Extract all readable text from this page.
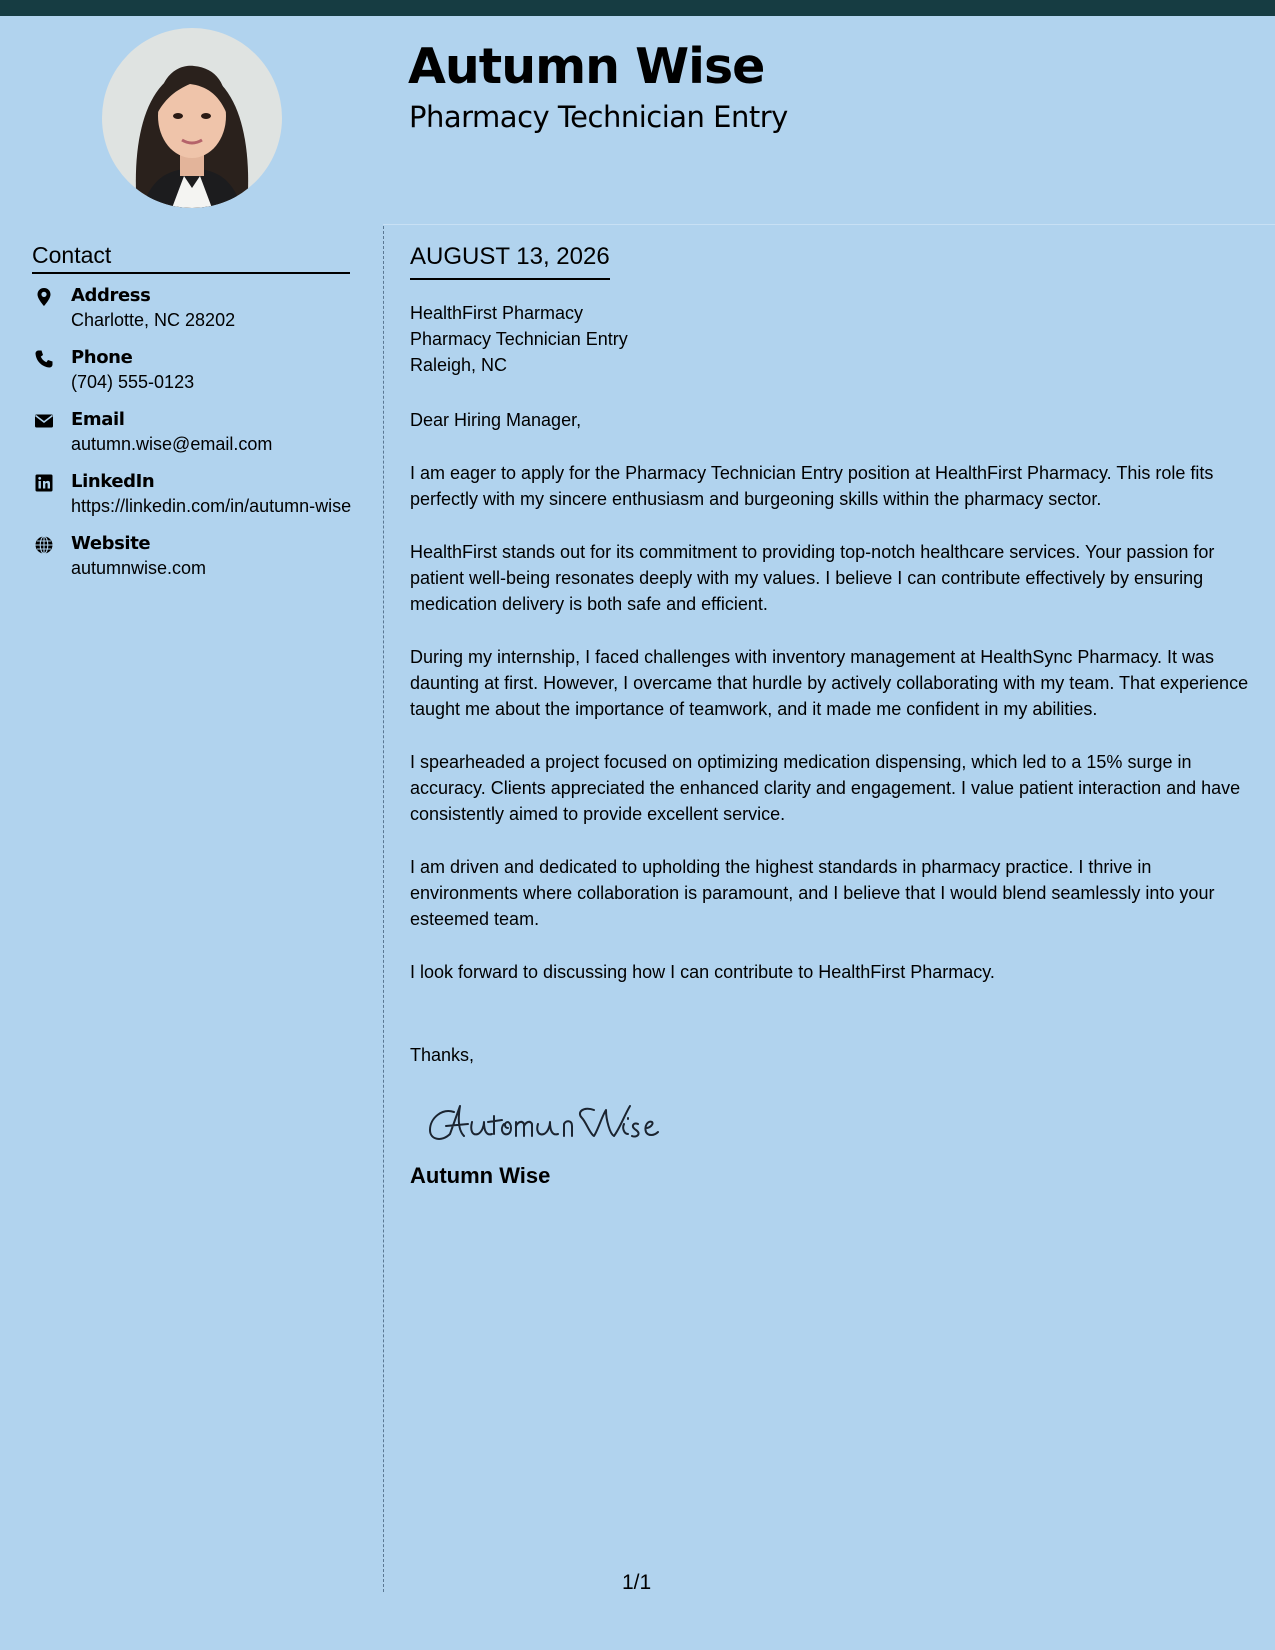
Autumn Wise
Pharmacy Technician Entry
Contact
Address
Charlotte, NC 28202
Phone
(704) 555-0123
Email
autumn.wise@email.com
LinkedIn
https://linkedin.com/in/autumn-wise
Website
autumnwise.com
AUGUST 13, 2026
HealthFirst Pharmacy
Pharmacy Technician Entry
Raleigh, NC
Dear Hiring Manager,
I am eager to apply for the Pharmacy Technician Entry position at HealthFirst Pharmacy. This role fits perfectly with my sincere enthusiasm and burgeoning skills within the pharmacy sector.
HealthFirst stands out for its commitment to providing top-notch healthcare services. Your passion for patient well-being resonates deeply with my values. I believe I can contribute effectively by ensuring medication delivery is both safe and efficient.
During my internship, I faced challenges with inventory management at HealthSync Pharmacy. It was daunting at first. However, I overcame that hurdle by actively collaborating with my team. That experience taught me about the importance of teamwork, and it made me confident in my abilities.
I spearheaded a project focused on optimizing medication dispensing, which led to a 15% surge in accuracy. Clients appreciated the enhanced clarity and engagement. I value patient interaction and have consistently aimed to provide excellent service.
I am driven and dedicated to upholding the highest standards in pharmacy practice. I thrive in environments where collaboration is paramount, and I believe that I would blend seamlessly into your esteemed team.
I look forward to discussing how I can contribute to HealthFirst Pharmacy.
Thanks,
Autumn Wise
1/1
